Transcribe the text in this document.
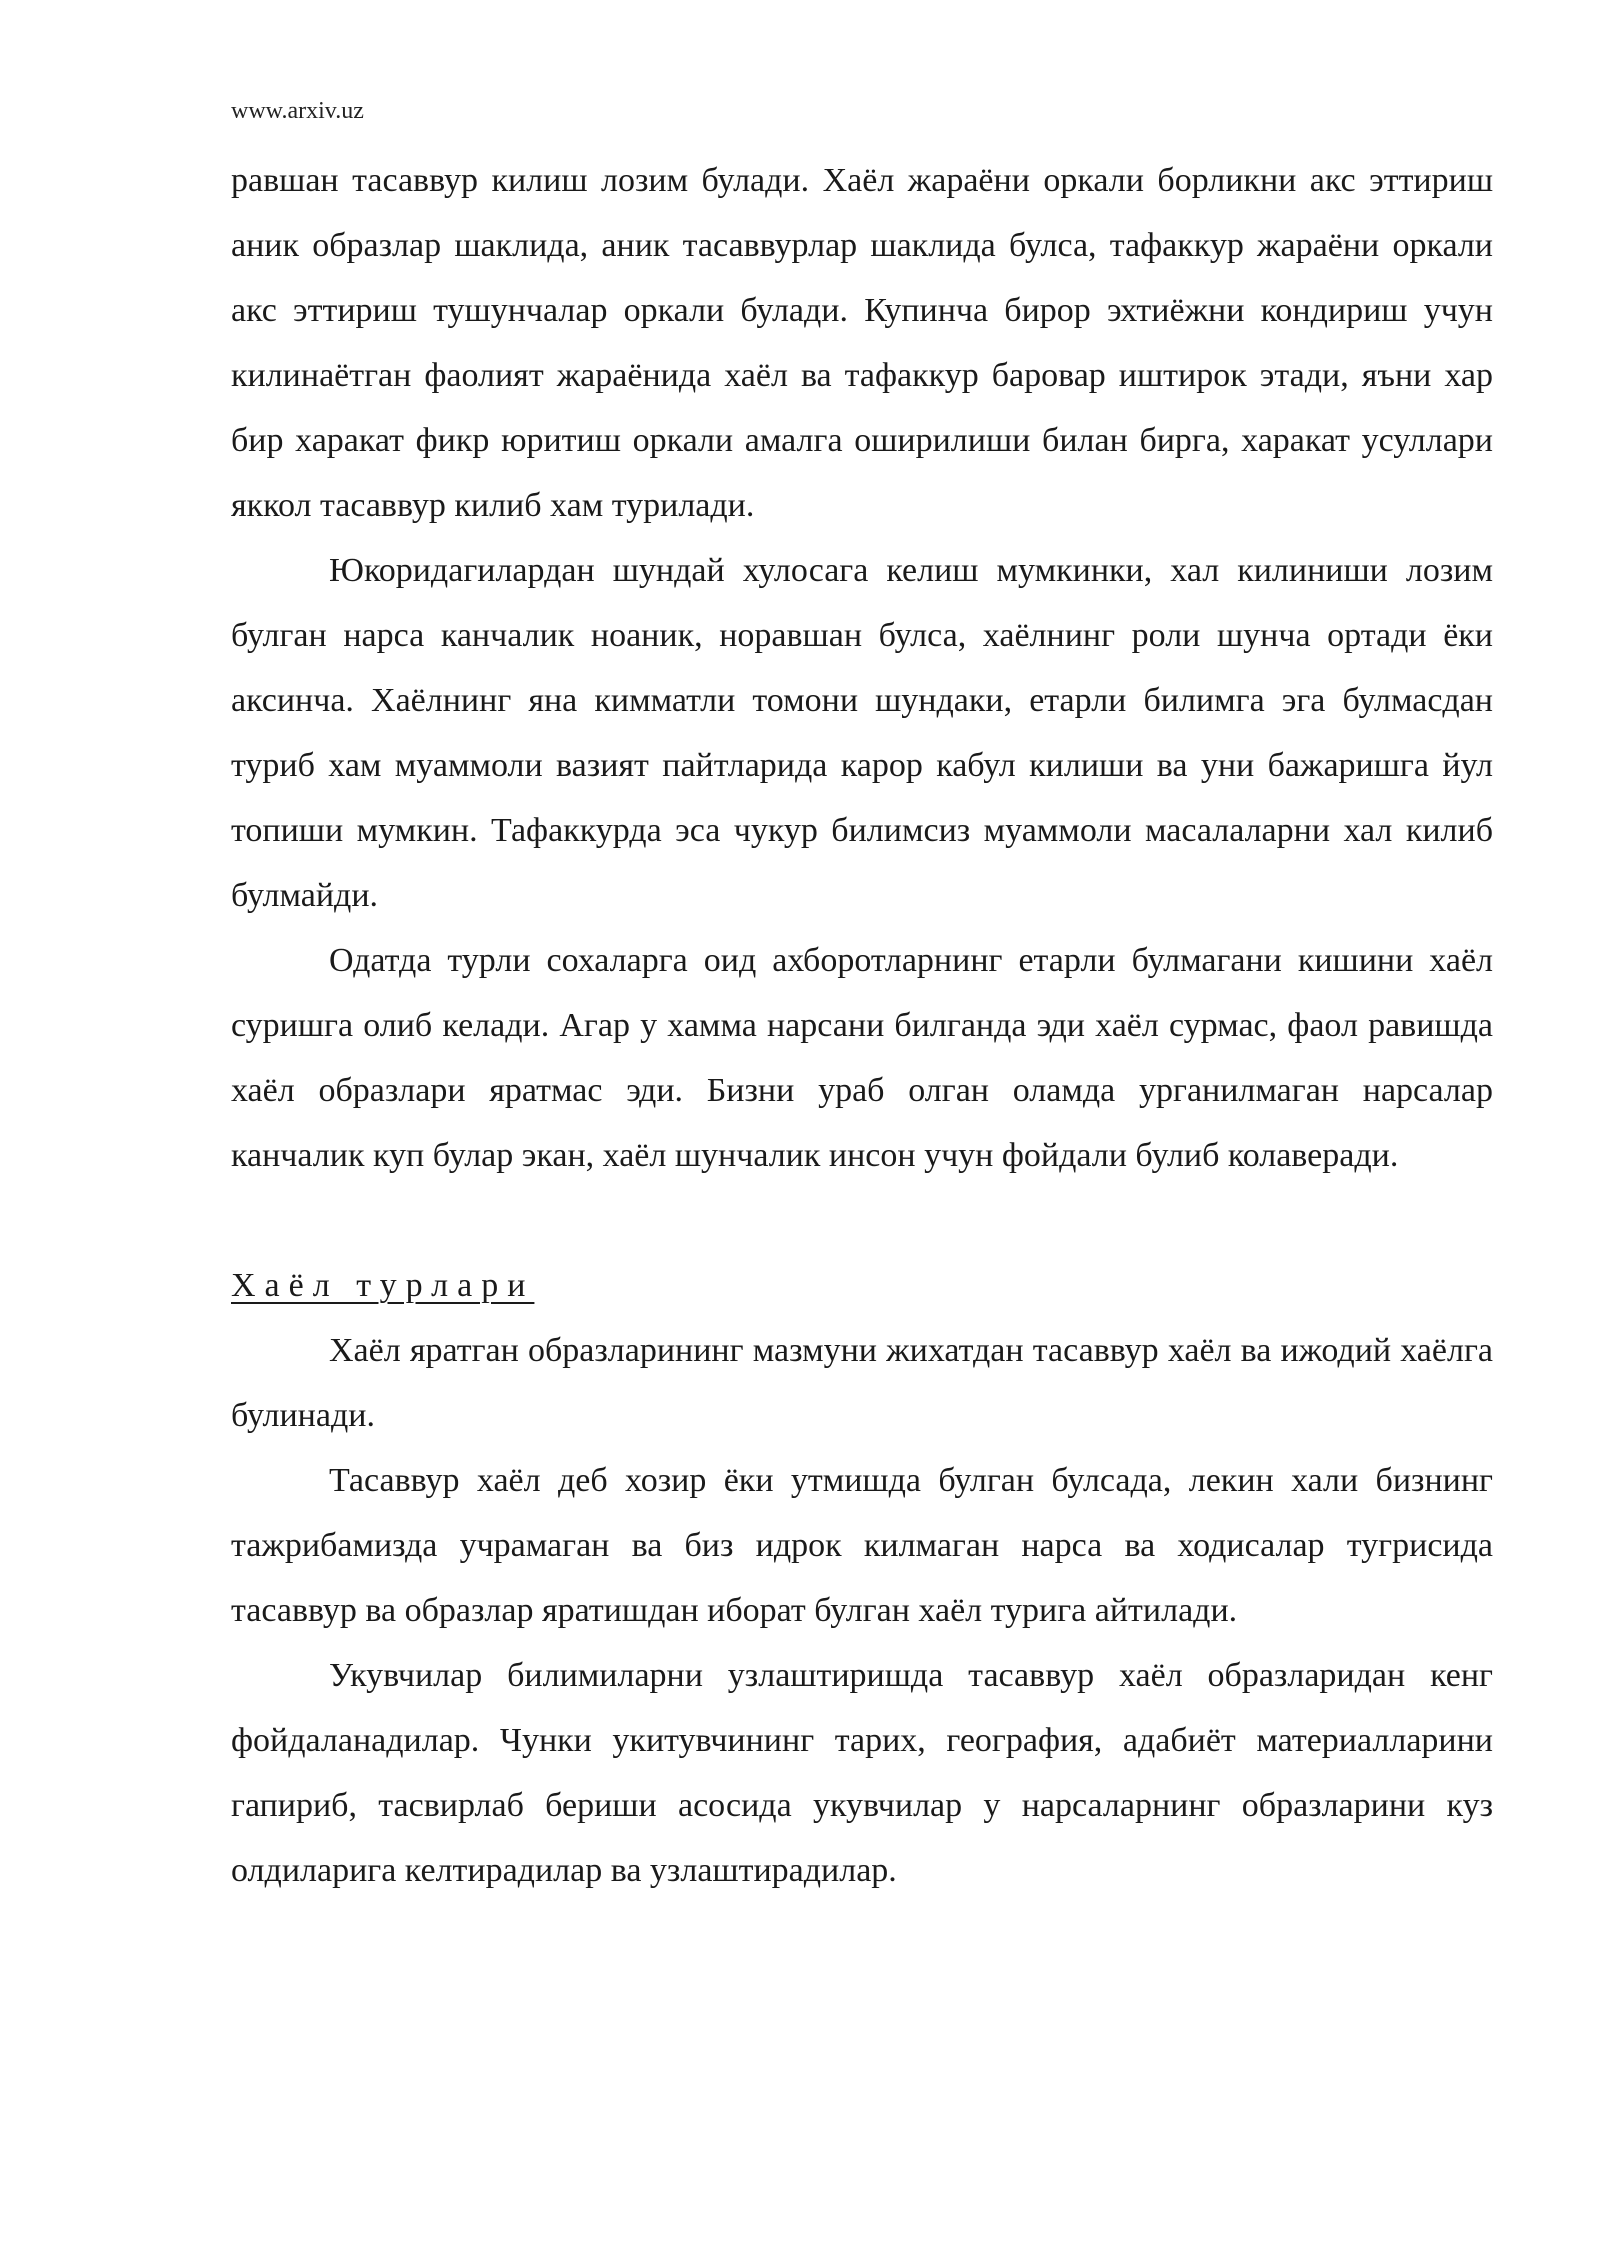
www.arxiv.uz

равшан тасаввур килиш лозим булади. Хаёл жараёни оркали борликни акс эттириш аник образлар шаклида, аник тасаввурлар шаклида булса, тафаккур жараёни оркали акс эттириш тушунчалар оркали булади. Купинча бирор эхтиёжни кондириш учун килинаётган фаолият жараёнида хаёл ва тафаккур баровар иштирок этади, яъни хар бир харакат фикр юритиш оркали амалга оширилиши билан бирга, харакат усуллари яккол тасаввур килиб хам турилади.

Юкоридагилардан шундай хулосага келиш мумкинки, хал килиниши лозим булган нарса канчалик ноаник, норавшан булса, хаёлнинг роли шунча ортади ёки аксинча. Хаёлнинг яна кимматли томони шундаки, етарли билимга эга булмасдан туриб хам муаммоли вазият пайтларида карор кабул килиши ва уни бажаришга йул топиши мумкин. Тафаккурда эса чукур билимсиз муаммоли масалаларни хал килиб булмайди.

Одатда турли сохаларга оид ахборотларнинг етарли булмагани кишини хаёл суришга олиб келади. Агар у хамма нарсани билганда эди хаёл сурмас, фаол равишда хаёл образлари яратмас эди. Бизни ураб олган оламда урганилмаган нарсалар канчалик куп булар экан, хаёл шунчалик инсон учун фойдали булиб колаверади.

Хаёл турлари

Хаёл яратган образларининг мазмуни жихатдан тасаввур хаёл ва ижодий хаёлга булинади.

Тасаввур хаёл деб хозир ёки утмишда булган булсада, лекин хали бизнинг тажрибамизда учрамаган ва биз идрок килмаган нарса ва ходисалар тугрисида тасаввур ва образлар яратишдан иборат булган хаёл турига айтилади.

Укувчилар билимиларни узлаштиришда тасаввур хаёл образларидан кенг фойдаланадилар. Чунки укитувчининг тарих, география, адабиёт материалларини гапириб, тасвирлаб бериши асосида укувчилар у нарсаларнинг образларини куз олдиларига келтирадилар ва узлаштирадилар.
